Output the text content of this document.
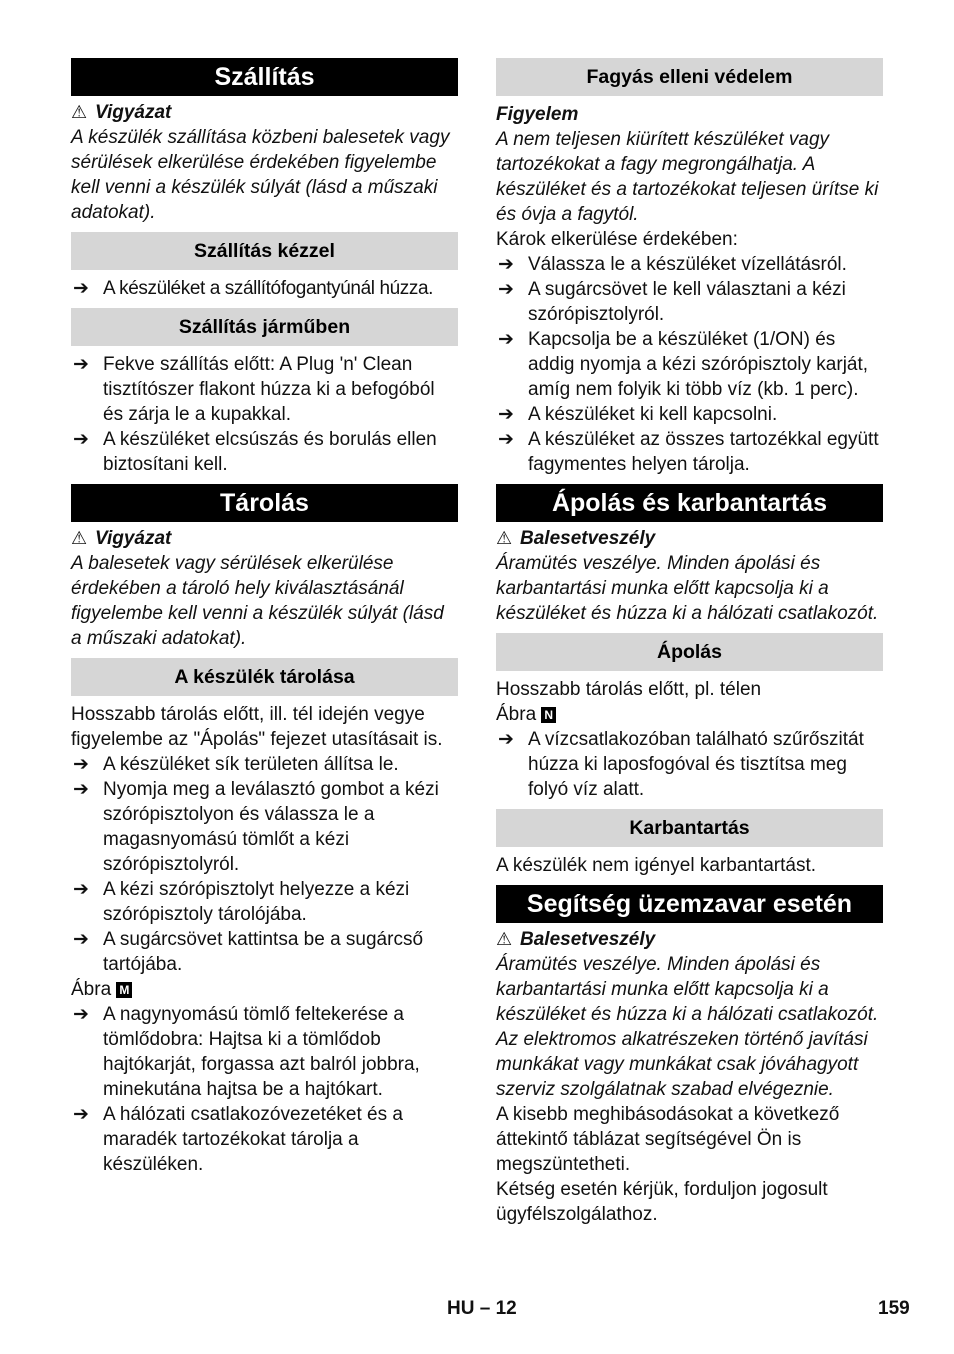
Szállítás
⚠ Vigyázat
A készülék szállítása közbeni balesetek vagy sérülések elkerülése érdekében figyelembe kell venni a készülék súlyát (lásd a műszaki adatokat).
Szállítás kézzel
➔ A készüléket a szállítófogantyúnál húzza.
Szállítás járműben
➔ Fekve szállítás előtt: A Plug 'n' Clean tisztítószer flakont húzza ki a befogóból és zárja le a kupakkal.
➔ A készüléket elcsúszás és borulás ellen biztosítani kell.
Tárolás
⚠ Vigyázat
A balesetek vagy sérülések elkerülése érdekében a tároló hely kiválasztásánál figyelembe kell venni a készülék súlyát (lásd a műszaki adatokat).
A készülék tárolása
Hosszabb tárolás előtt, ill. tél idején vegye figyelembe az "Ápolás" fejezet utasításait is.
➔ A készüléket sík területen állítsa le.
➔ Nyomja meg a leválasztó gombot a kézi szórópisztolyon és válassza le a magasnyomású tömlőt a kézi szórópisztolyról.
➔ A kézi szórópisztolyt helyezze a kézi szórópisztoly tárolójába.
➔ A sugárcsövet kattintsa be a sugárcső tartójába.
Ábra M
➔ A nagynyomású tömlő feltekerése a tömlődobra: Hajtsa ki a tömlődob hajtókarját, forgassa azt balról jobbra, minekutána hajtsa be a hajtókart.
➔ A hálózati csatlakozóvezetéket és a maradék tartozékokat tárolja a készüléken.
Fagyás elleni védelem
Figyelem
A nem teljesen kiürített készüléket vagy tartozékokat a fagy megrongálhatja. A készüléket és a tartozékokat teljesen ürítse ki és óvja a fagytól.
Károk elkerülése érdekében:
➔ Válassza le a készüléket vízellátásról.
➔ A sugárcsövet le kell választani a kézi szórópisztolyról.
➔ Kapcsolja be a készüléket (1/ON) és addig nyomja a kézi szórópisztoly karját, amíg nem folyik ki több víz (kb. 1 perc).
➔ A készüléket ki kell kapcsolni.
➔ A készüléket az összes tartozékkal együtt fagymentes helyen tárolja.
Ápolás és karbantartás
⚠ Balesetveszély
Áramütés veszélye. Minden ápolási és karbantartási munka előtt kapcsolja ki a készüléket és húzza ki a hálózati csatlakozót.
Ápolás
Hosszabb tárolás előtt, pl. télen
Ábra N
➔ A vízcsatlakozóban található szűrőszitát húzza ki laposfogóval és tisztítsa meg folyó víz alatt.
Karbantartás
A készülék nem igényel karbantartást.
Segítség üzemzavar esetén
⚠ Balesetveszély
Áramütés veszélye. Minden ápolási és karbantartási munka előtt kapcsolja ki a készüléket és húzza ki a hálózati csatlakozót.
Az elektromos alkatrészeken történő javítási munkákat vagy munkákat csak jóváhagyott szerviz szolgálatnak szabad elvégeznie.
A kisebb meghibásodásokat a következő áttekintő táblázat segítségével Ön is megszüntetheti.
Kétség esetén kérjük, forduljon jogosult ügyfélszolgálathoz.
HU – 12	159
